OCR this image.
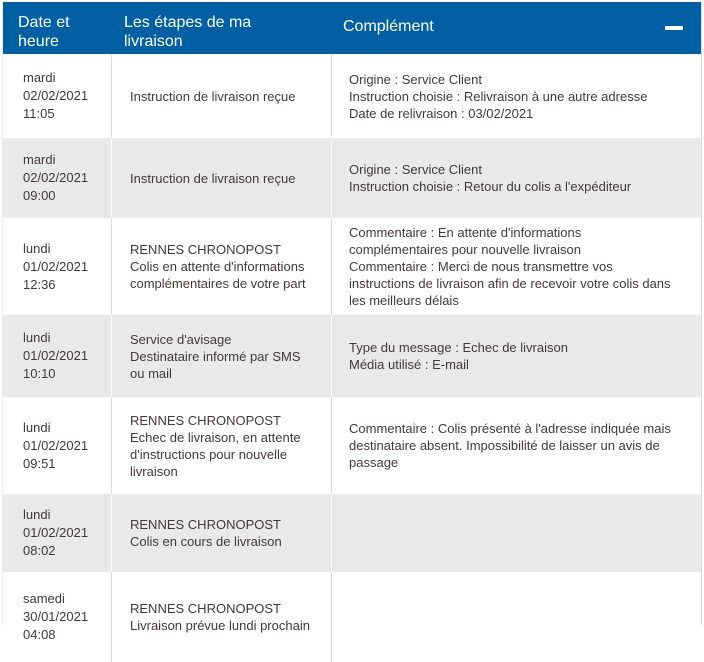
Date et heure
Les étapes de ma livraison
Complément
mardi
02/02/2021
11:05
Instruction de livraison reçue
Origine : Service Client
Instruction choisie : Relivraison à une autre adresse
Date de relivraison : 03/02/2021
mardi
02/02/2021
09:00
Instruction de livraison reçue
Origine : Service Client
Instruction choisie : Retour du colis a l'expéditeur
lundi
01/02/2021
12:36
RENNES CHRONOPOST
Colis en attente d'informations complémentaires de votre part
Commentaire : En attente d'informations complémentaires pour nouvelle livraison
Commentaire : Merci de nous transmettre vos instructions de livraison afin de recevoir votre colis dans les meilleurs délais
lundi
01/02/2021
10:10
Service d'avisage
Destinataire informé par SMS ou mail
Type du message : Echec de livraison
Média utilisé : E-mail
lundi
01/02/2021
09:51
RENNES CHRONOPOST
Echec de livraison, en attente d'instructions pour nouvelle livraison
Commentaire : Colis présenté à l'adresse indiquée mais destinataire absent. Impossibilité de laisser un avis de passage
lundi
01/02/2021
08:02
RENNES CHRONOPOST
Colis en cours de livraison
samedi
30/01/2021
04:08
RENNES CHRONOPOST
Livraison prévue lundi prochain
